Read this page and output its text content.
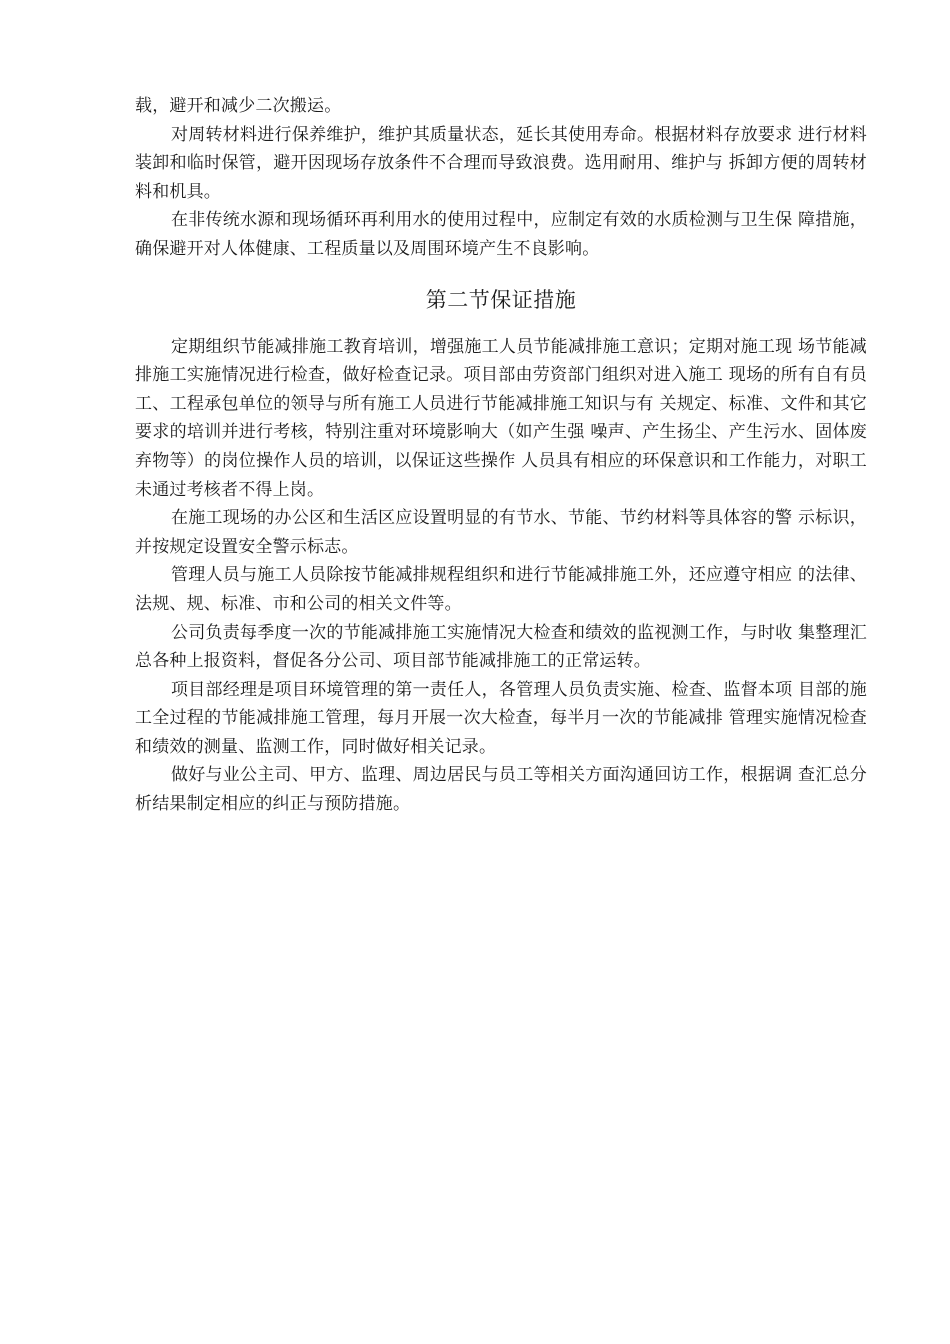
载，避开和减少二次搬运。

对周转材料进行保养维护，维护其质量状态，延长其使用寿命。根据材料存放要求 进行材料装卸和临时保管，避开因现场存放条件不合理而导致浪费。选用耐用、维护与 拆卸方便的周转材料和机具。

在非传统水源和现场循环再利用水的使用过程中，应制定有效的水质检测与卫生保 障措施，确保避开对人体健康、工程质量以及周围环境产生不良影响。

第二节保证措施

定期组织节能减排施工教育培训，增强施工人员节能减排施工意识；定期对施工现 场节能减排施工实施情况进行检查，做好检查记录。项目部由劳资部门组织对进入施工 现场的所有自有员工、工程承包单位的领导与所有施工人员进行节能减排施工知识与有 关规定、标准、文件和其它要求的培训并进行考核，特别注重对环境影响大（如产生强 噪声、产生扬尘、产生污水、固体废弃物等）的岗位操作人员的培训，以保证这些操作 人员具有相应的环保意识和工作能力，对职工未通过考核者不得上岗。

在施工现场的办公区和生活区应设置明显的有节水、节能、节约材料等具体容的警 示标识，并按规定设置安全警示标志。

管理人员与施工人员除按节能减排规程组织和进行节能减排施工外，还应遵守相应 的法律、法规、规、标准、市和公司的相关文件等。

公司负责每季度一次的节能减排施工实施情况大检查和绩效的监视测工作，与时收 集整理汇总各种上报资料，督促各分公司、项目部节能减排施工的正常运转。

项目部经理是项目环境管理的第一责任人，各管理人员负责实施、检查、监督本项 目部的施工全过程的节能减排施工管理，每月开展一次大检查，每半月一次的节能减排 管理实施情况检查和绩效的测量、监测工作，同时做好相关记录。

做好与业公主司、甲方、监理、周边居民与员工等相关方面沟通回访工作，根据调 查汇总分析结果制定相应的纠正与预防措施。
